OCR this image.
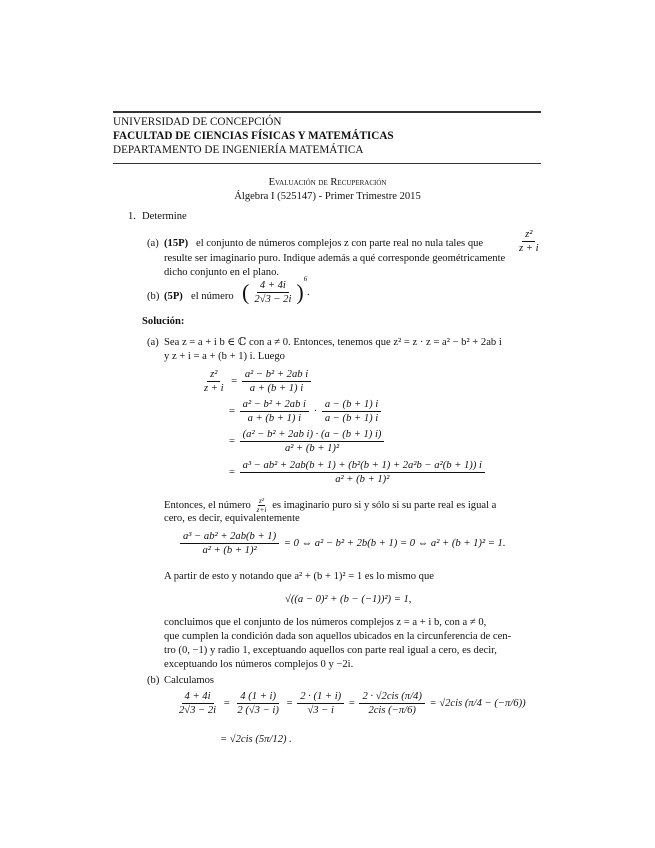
UNIVERSIDAD DE CONCEPCIÓN
FACULTAD DE CIENCIAS FÍSICAS Y MATEMÁTICAS
DEPARTAMENTO DE INGENIERÍA MATEMÁTICA
Evaluación de Recuperación
Álgebra I (525147) - Primer Trimestre 2015
1. Determine
(a) (15P) el conjunto de números complejos z con parte real no nula tales que	$\frac{\text{z²}}{z + i}$
resulte ser imaginario puro. Indique además a qué corresponde geométricamente
dicho conjunto en el plano.
(b) (5P) el número ( $\frac{4 + 4i}{2√3 - 2i} )^6$.
Solución:
(a) Sea z = a + i b ∈ ℂ con a ≠ 0. Entonces, tenemos que z² = z · z = a² − b² + 2ab i
y z + i = a + (b + 1) i. Luego
$\frac{\text{z²}}{z + i} = \frac{\text{a² − b² + 2ab i}}{a + (b + 1) i}$
= $\frac{\text{a² − b² + 2ab i}}{a + (b + 1) i} \cdot \frac{a - (b + 1) i}{a - (b + 1) i}$
= $\frac{\text{(a² − b² + 2ab i) · (a − (b + 1) i)}}{\text{a² + (b + 1)²}}$
= $\frac{\text{a³ − ab² + 2ab(b + 1) + (b²(b + 1) + 2a²b − a²(b + 1)) i}}{\text{a² + (b + 1)²}}$
Entonces, el número $\frac{\text{z²}}{z+i}$ es imaginario puro si y sólo si su parte real es igual a
cero, es decir, equivalentemente
$\frac{\text{a³ − ab² + 2ab(b + 1)}}{\text{a² + (b + 1)²}} = 0$ ⇔ a² − b² + 2b(b + 1) = 0 ⇔ a² + (b + 1)² = 1.
A partir de esto y notando que a² + (b + 1)² = 1 es lo mismo que
√((a − 0)² + (b − (−1))²) = 1,
concluimos que el conjunto de los números complejos z = a + i b, con a ≠ 0,
que cumplen la condición dada son aquellos ubicados en la circunferencia de cen-
tro (0, −1) y radio 1, exceptuando aquellos con parte real igual a cero, es decir,
exceptuando los números complejos 0 y −2i.
(b) Calculamos
$\frac{4 + 4i}{2√3 - 2i} = \frac{4 (1 + i)}{2 (√3 - i)} = \frac{2 \cdot (1 + i)}{√3 - i} = \frac{\text{2 · √2cis (π/4)}}{\text{2cis (−π/6)}} = √2cis$ (π/4 − (−π/6))
= √2cis (5π/12) .
